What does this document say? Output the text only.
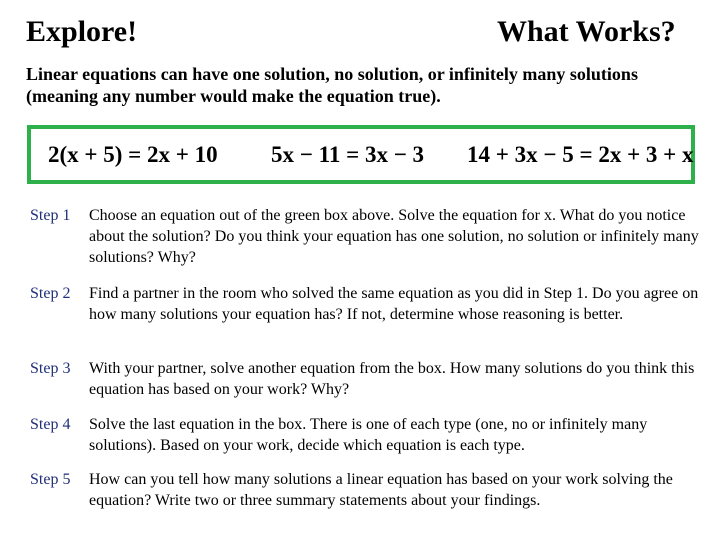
Explore!	What Works?
Linear equations can have one solution, no solution, or infinitely many solutions (meaning any number would make the equation true).
2(x + 5) = 2x + 10 5x − 11 = 3x − 3 14 + 3x − 5 = 2x + 3 + x
Step 1 Choose an equation out of the green box above. Solve the equation for x. What do you notice about the solution? Do you think your equation has one solution, no solution or infinitely many solutions? Why?
Step 2 Find a partner in the room who solved the same equation as you did in Step 1. Do you agree on how many solutions your equation has? If not, determine whose reasoning is better.
Step 3 With your partner, solve another equation from the box. How many solutions do you think this equation has based on your work? Why?
Step 4 Solve the last equation in the box. There is one of each type (one, no or infinitely many solutions). Based on your work, decide which equation is each type.
Step 5 How can you tell how many solutions a linear equation has based on your work solving the equation? Write two or three summary statements about your findings.
